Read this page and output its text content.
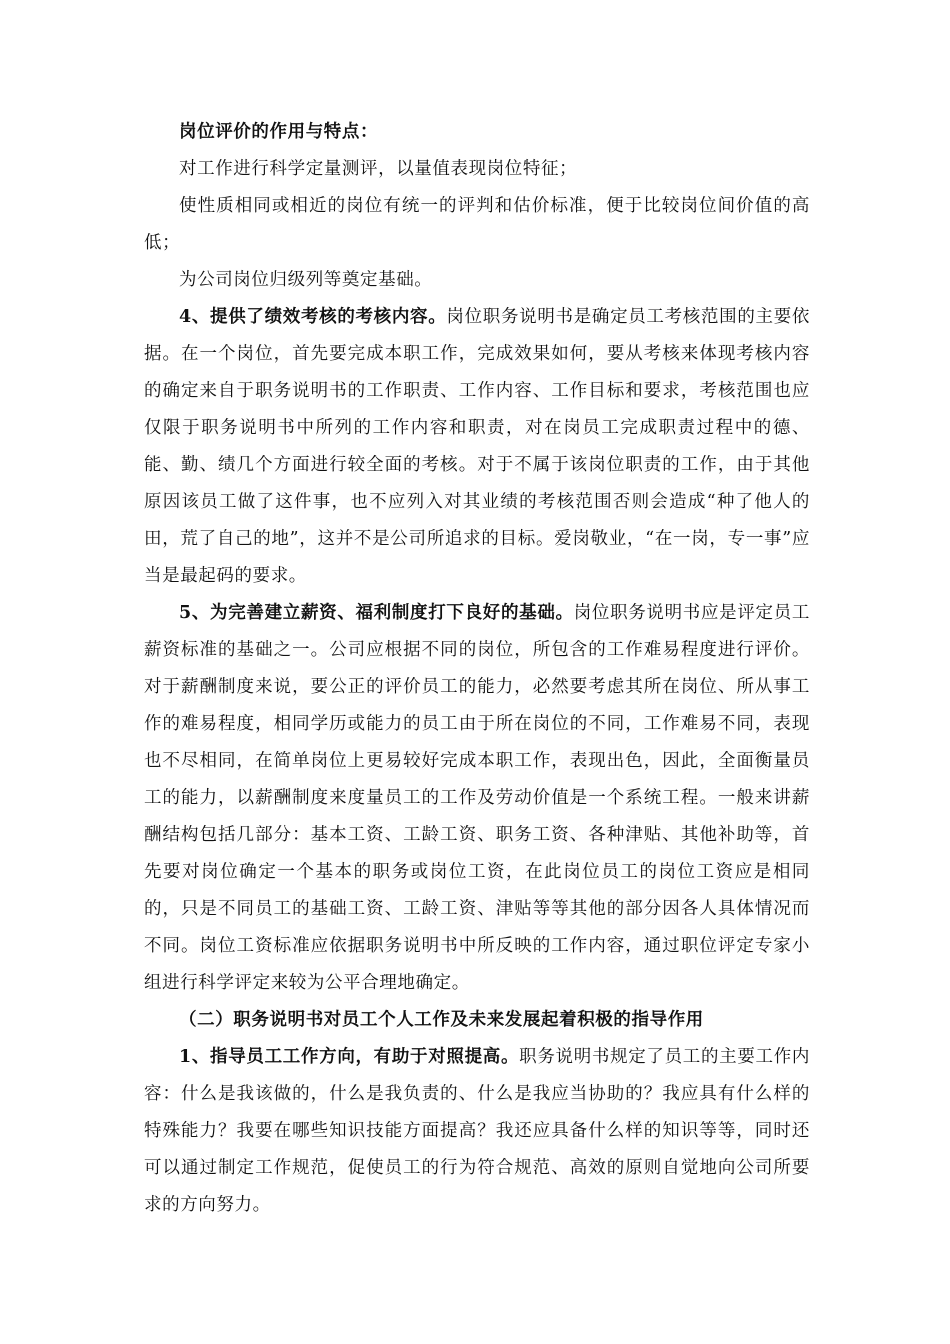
岗位评价的作用与特点：

对工作进行科学定量测评，以量值表现岗位特征；

使性质相同或相近的岗位有统一的评判和估价标准，便于比较岗位间价值的高低；

为公司岗位归级列等奠定基础。

4、提供了绩效考核的考核内容。岗位职务说明书是确定员工考核范围的主要依据。在一个岗位，首先要完成本职工作，完成效果如何，要从考核来体现考核内容的确定来自于职务说明书的工作职责、工作内容、工作目标和要求，考核范围也应仅限于职务说明书中所列的工作内容和职责，对在岗员工完成职责过程中的德、能、勤、绩几个方面进行较全面的考核。对于不属于该岗位职责的工作，由于其他原因该员工做了这件事，也不应列入对其业绩的考核范围否则会造成“种了他人的田，荒了自己的地”，这并不是公司所追求的目标。爱岗敬业，“在一岗，专一事”应当是最起码的要求。

5、为完善建立薪资、福利制度打下良好的基础。岗位职务说明书应是评定员工薪资标准的基础之一。公司应根据不同的岗位，所包含的工作难易程度进行评价。对于薪酬制度来说，要公正的评价员工的能力，必然要考虑其所在岗位、所从事工作的难易程度，相同学历或能力的员工由于所在岗位的不同，工作难易不同，表现也不尽相同，在简单岗位上更易较好完成本职工作，表现出色，因此，全面衡量员工的能力，以薪酬制度来度量员工的工作及劳动价值是一个系统工程。一般来讲薪酬结构包括几部分：基本工资、工龄工资、职务工资、各种津贴、其他补助等，首先要对岗位确定一个基本的职务或岗位工资，在此岗位员工的岗位工资应是相同的，只是不同员工的基础工资、工龄工资、津贴等等其他的部分因各人具体情况而不同。岗位工资标准应依据职务说明书中所反映的工作内容，通过职位评定专家小组进行科学评定来较为公平合理地确定。

（二）职务说明书对员工个人工作及未来发展起着积极的指导作用

1、指导员工工作方向，有助于对照提高。职务说明书规定了员工的主要工作内容：什么是我该做的，什么是我负责的、什么是我应当协助的？我应具有什么样的特殊能力？我要在哪些知识技能方面提高？我还应具备什么样的知识等等，同时还可以通过制定工作规范，促使员工的行为符合规范、高效的原则自觉地向公司所要求的方向努力。
